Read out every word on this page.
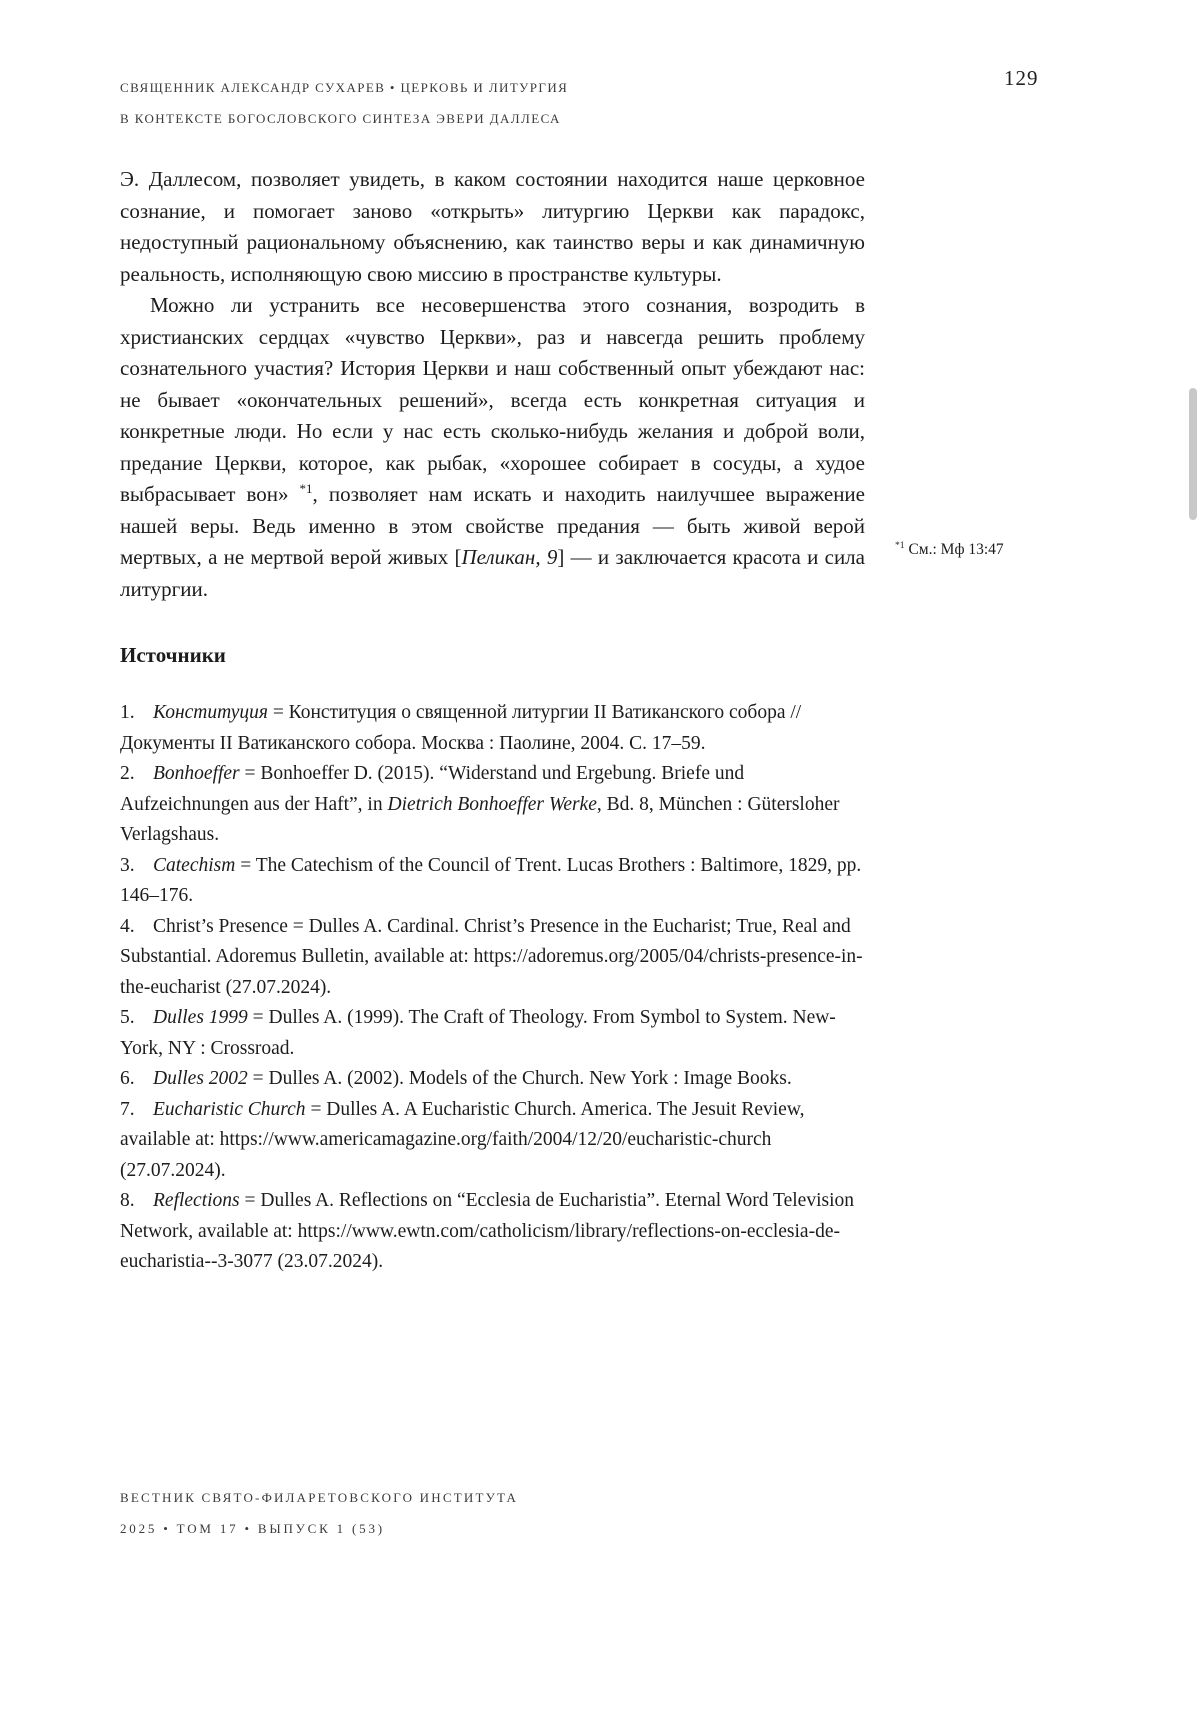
СВЯЩЕННИК АЛЕКСАНДР СУХАРЕВ • ЦЕРКОВЬ И ЛИТУРГИЯ
В КОНТЕКСТЕ БОГОСЛОВСКОГО СИНТЕЗА ЭВЕРИ ДАЛЛЕСА
129

Э. Даллесом, позволяет увидеть, в каком состоянии находится наше церковное сознание, и помогает заново «открыть» литургию Церкви как парадокс, недоступный рациональному объяснению, как таинство веры и как динамичную реальность, исполняющую свою миссию в пространстве культуры.

Можно ли устранить все несовершенства этого сознания, возродить в христианских сердцах «чувство Церкви», раз и навсегда решить проблему сознательного участия? История Церкви и наш собственный опыт убеждают нас: не бывает «окончательных решений», всегда есть конкретная ситуация и конкретные люди. Но если у нас есть сколько-нибудь желания и доброй воли, предание Церкви, которое, как рыбак, «хорошее собирает в сосуды, а худое выбрасывает вон» $^{*1}$, позволяет нам искать и находить наилучшее выражение нашей веры. Ведь именно в этом свойстве предания — быть живой верой мертвых, а не мертвой верой живых [Пеликан, 9] — и заключается красота и сила литургии.

Источники

1. Конституция = Конституция о священной литургии II Ватиканского собора // Документы II Ватиканского собора. Москва : Паолине, 2004. С. 17–59.

2. Bonhoeffer = Bonhoeffer D. (2015). “Widerstand und Ergebung. Briefe und Aufzeichnungen aus der Haft”, in Dietrich Bonhoeffer Werke, Bd. 8, München : Gütersloher Verlagshaus.

3. Catechism = The Catechism of the Council of Trent. Lucas Brothers : Baltimore, 1829, pp. 146–176.

4. Christ’s Presence = Dulles A. Cardinal. Christ’s Presence in the Eucharist; True, Real and Substantial. Adoremus Bulletin, available at: https://adoremus.org/2005/04/christs-presence-in-the-eucharist (27.07.2024).

5. Dulles 1999 = Dulles A. (1999). The Craft of Theology. From Symbol to System. New-York, NY : Crossroad.

6. Dulles 2002 = Dulles A. (2002). Models of the Church. New York : Image Books.

7. Eucharistic Church = Dulles A. A Eucharistic Church. America. The Jesuit Review, available at: https://www.americamagazine.org/faith/2004/12/20/eucharistic-church (27.07.2024).

8. Reflections = Dulles A. Reflections on “Ecclesia de Eucharistia”. Eternal Word Television Network, available at: https://www.ewtn.com/catholicism/library/reflections-on-ecclesia-de-eucharistia--3-3077 (23.07.2024).

$^{*1}$ См.: Мф 13:47
ВЕСТНИК СВЯТО-ФИЛАРЕТОВСКОГО ИНСТИТУТА
2025 • ТОМ 17 • ВЫПУСК 1 (53)
